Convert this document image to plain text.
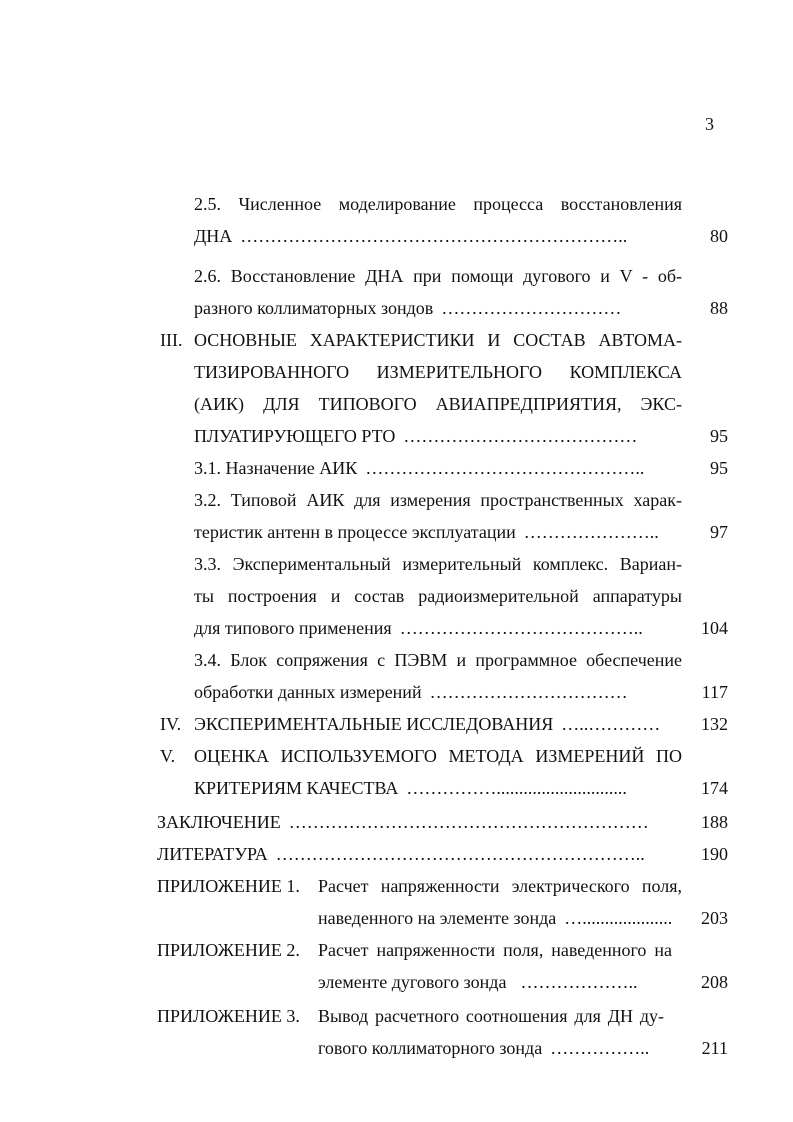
3
2.5. Численное моделирование процесса восстановления
ДНА ………………………………………………………..	80
2.6. Восстановление ДНА при помощи дугового и V - об-
разного коллиматорных зондов …………………………	88
III. ОСНОВНЫЕ ХАРАКТЕРИСТИКИ И СОСТАВ АВТОМА-
ТИЗИРОВАННОГО ИЗМЕРИТЕЛЬНОГО КОМПЛЕКСА
(АИК) ДЛЯ ТИПОВОГО АВИАПРЕДПРИЯТИЯ, ЭКС-
ПЛУАТИРУЮЩЕГО РТО …………………………………	95
3.1. Назначение АИК ………………………………………..	95
3.2. Типовой АИК для измерения пространственных харак-
теристик антенн в процессе эксплуатации …………………..	97
3.3. Экспериментальный измерительный комплекс. Вариан-
ты построения и состав радиоизмерительной аппаратуры
для типового применения …………………………………..	104
3.4. Блок сопряжения с ПЭВМ и программное обеспечение
обработки данных измерений ……………………………	117
IV. ЭКСПЕРИМЕНТАЛЬНЫЕ ИССЛЕДОВАНИЯ …..………… 132
V. ОЦЕНКА ИСПОЛЬЗУЕМОГО МЕТОДА ИЗМЕРЕНИЙ ПО
КРИТЕРИЯМ КАЧЕСТВА …………….............................	174
ЗАКЛЮЧЕНИЕ ……………………………………………………	188
ЛИТЕРАТУРА ……………………………………………………..	190
ПРИЛОЖЕНИЕ 1. Расчет напряженности электрического поля,
наведенного на элементе зонда ….................... 203
ПРИЛОЖЕНИЕ 2. Расчет напряженности поля, наведенного на
элементе дугового зонда ………………..	208
ПРИЛОЖЕНИЕ 3. Вывод расчетного соотношения для ДН ду-
гового коллиматорного зонда ……………..	211
